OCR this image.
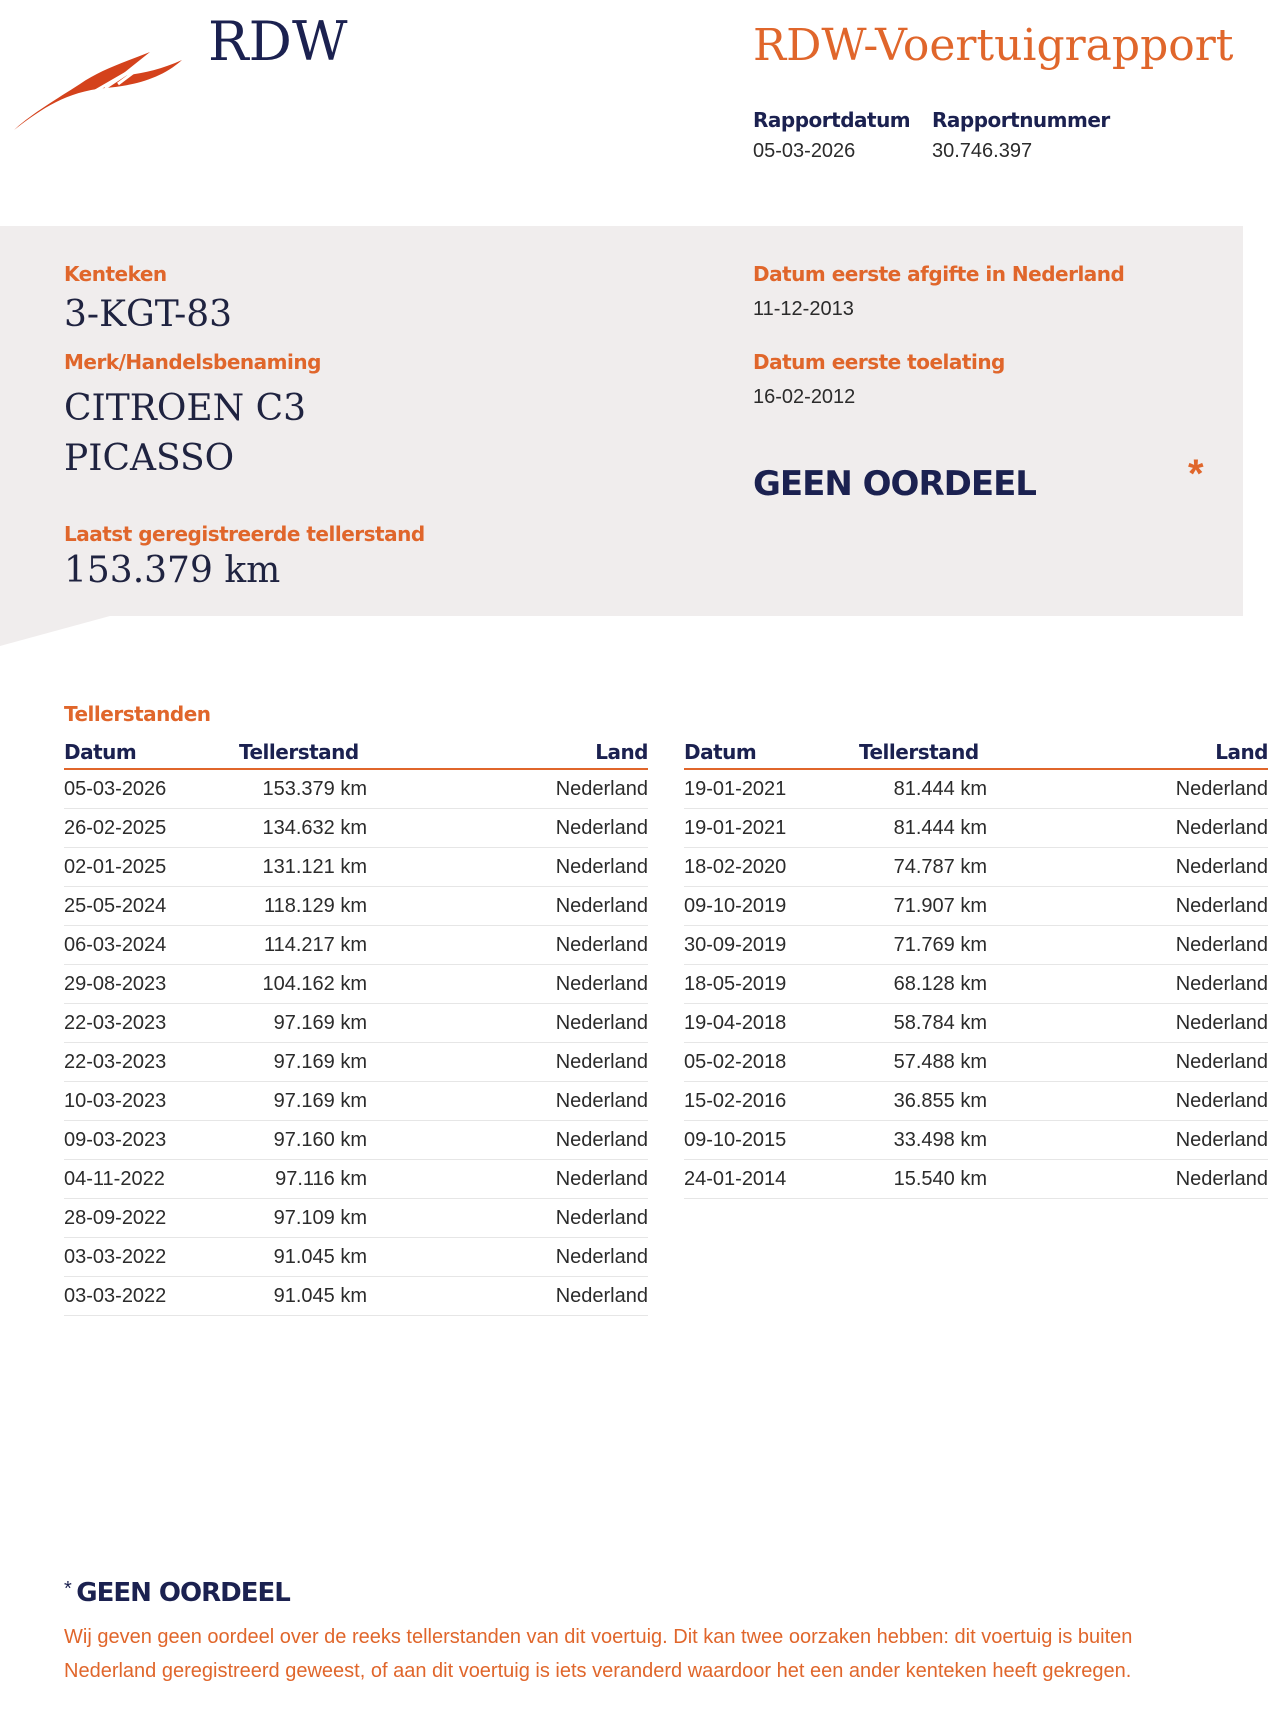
RDW	RDW-Voertuigrapport
Rapportdatum
05-03-2026
Rapportnummer
30.746.397
Kenteken
3-KGT-83
Merk/Handelsbenaming
CITROEN C3
PICASSO
Laatst geregistreerde tellerstand
153.379 km
Datum eerste afgifte in Nederland
11-12-2013
Datum eerste toelating
16-02-2012
GEEN OORDEEL	*
Tellerstanden
Datum	Tellerstand	Land
05-03-2026	153.379 km	Nederland
26-02-2025	134.632 km	Nederland
02-01-2025	131.121 km	Nederland
25-05-2024	118.129 km	Nederland
06-03-2024	114.217 km	Nederland
29-08-2023	104.162 km	Nederland
22-03-2023	97.169 km	Nederland
22-03-2023	97.169 km	Nederland
10-03-2023	97.169 km	Nederland
09-03-2023	97.160 km	Nederland
04-11-2022	97.116 km	Nederland
28-09-2022	97.109 km	Nederland
03-03-2022	91.045 km	Nederland
03-03-2022	91.045 km	Nederland
Datum	Tellerstand	Land
19-01-2021	81.444 km	Nederland
19-01-2021	81.444 km	Nederland
18-02-2020	74.787 km	Nederland
09-10-2019	71.907 km	Nederland
30-09-2019	71.769 km	Nederland
18-05-2019	68.128 km	Nederland
19-04-2018	58.784 km	Nederland
05-02-2018	57.488 km	Nederland
15-02-2016	36.855 km	Nederland
09-10-2015	33.498 km	Nederland
24-01-2014	15.540 km	Nederland
* GEEN OORDEEL
Wij geven geen oordeel over de reeks tellerstanden van dit voertuig. Dit kan twee oorzaken hebben: dit voertuig is buiten Nederland geregistreerd geweest, of aan dit voertuig is iets veranderd waardoor het een ander kenteken heeft gekregen.
